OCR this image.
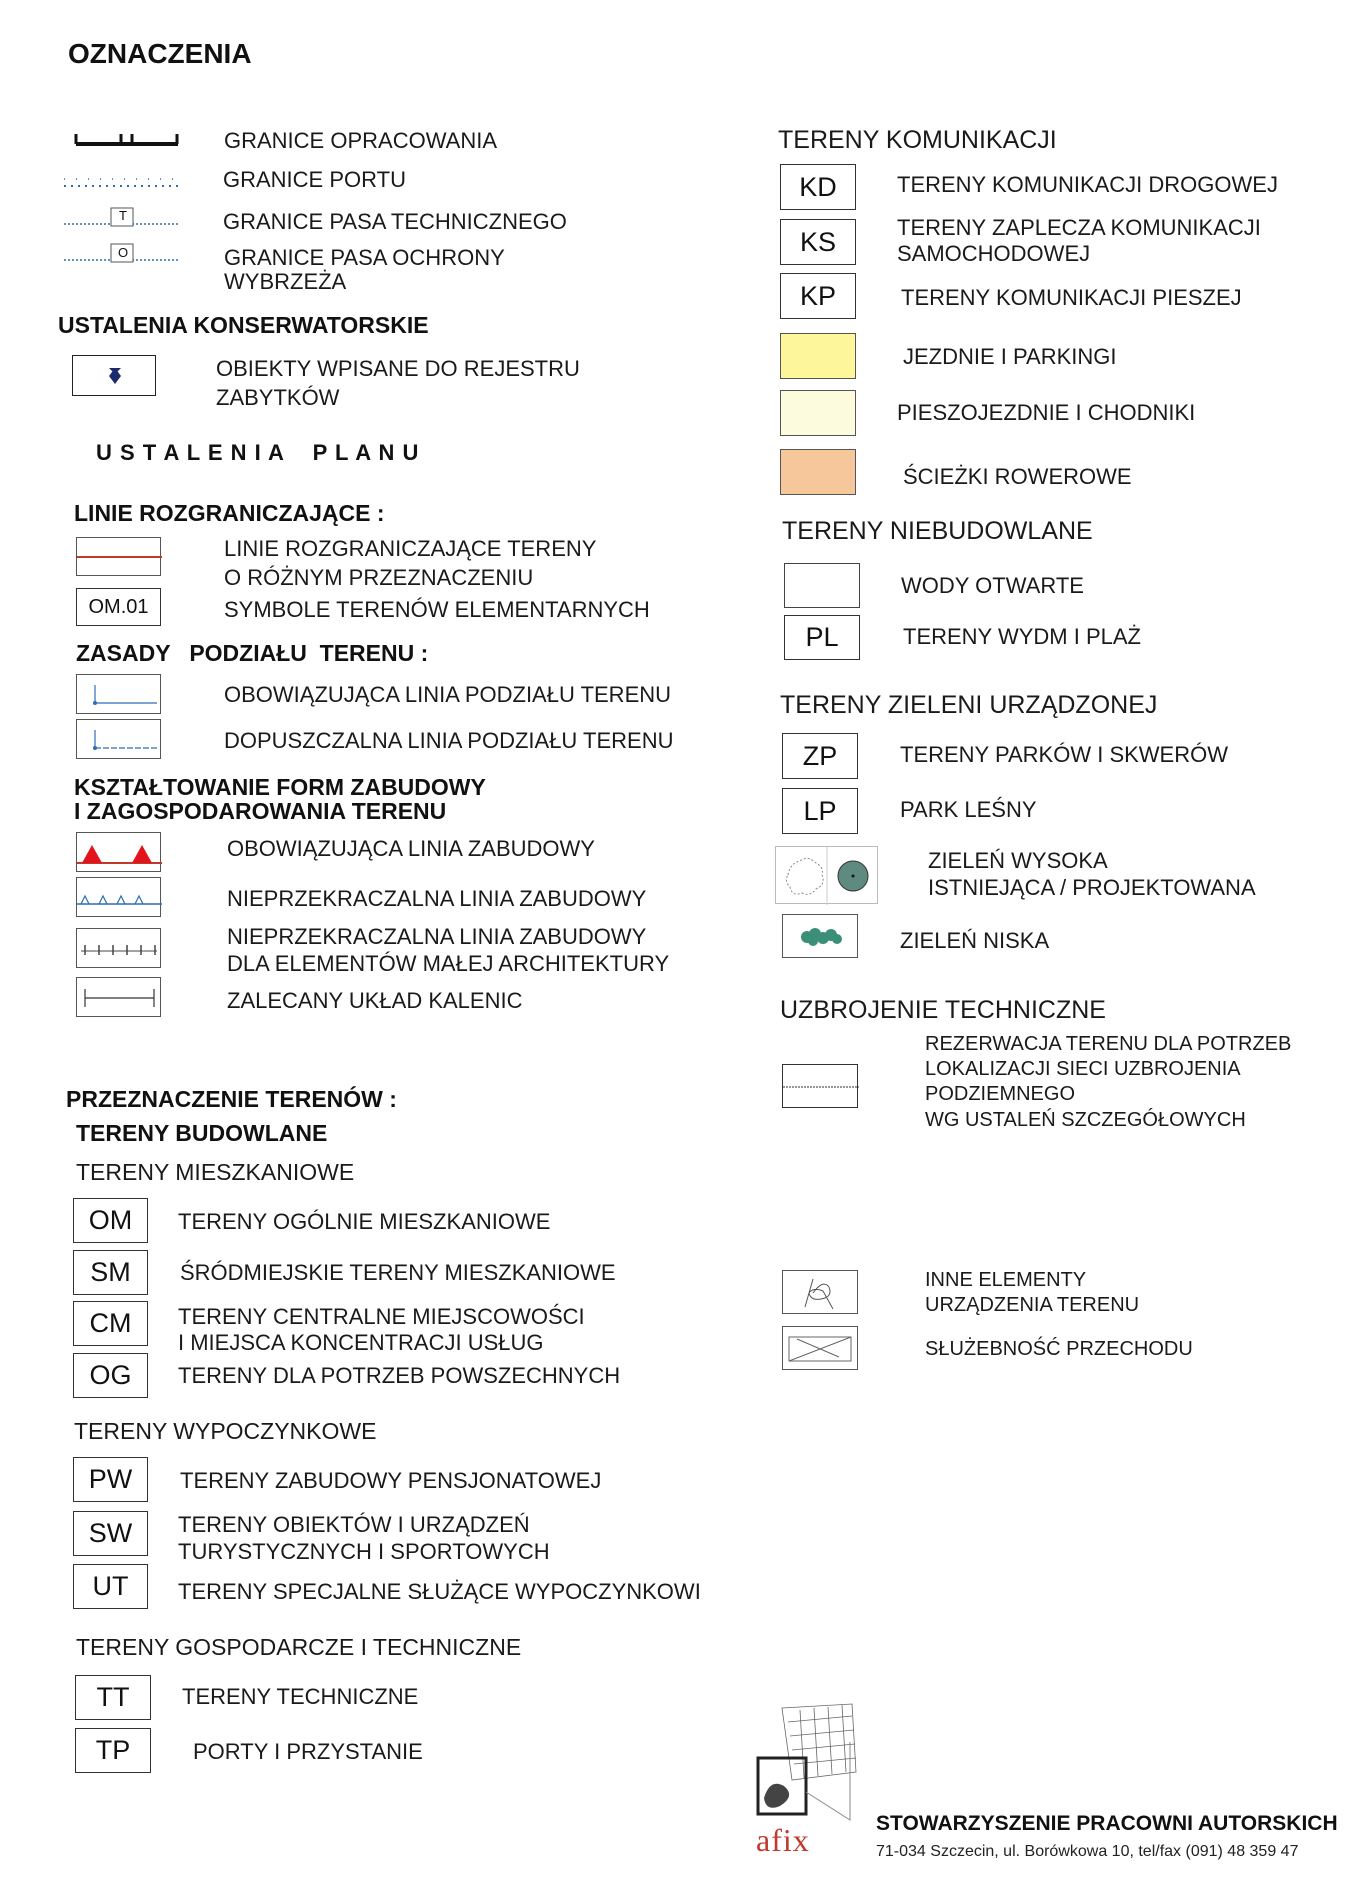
OZNACZENIA
GRANICE OPRACOWANIA
GRANICE PORTU
T	GRANICE PASA TECHNICZNEGO
O	GRANICE PASA OCHRONY
WYBRZEŻA
USTALENIA KONSERWATORSKIE
OBIEKTY WPISANE DO REJESTRU
ZABYTKÓW
U S T A L E N I A    P L A N U
LINIE ROZGRANICZAJĄCE :
LINIE ROZGRANICZAJĄCE TERENY
O RÓŻNYM PRZEZNACZENIU
OM.01	SYMBOLE TERENÓW ELEMENTARNYCH
ZASADY   PODZIAŁU  TERENU :
OBOWIĄZUJĄCA LINIA PODZIAŁU TERENU
DOPUSZCZALNA LINIA PODZIAŁU TERENU
KSZTAŁTOWANIE FORM ZABUDOWY
I ZAGOSPODAROWANIA TERENU
OBOWIĄZUJĄCA LINIA ZABUDOWY
NIEPRZEKRACZALNA LINIA ZABUDOWY
NIEPRZEKRACZALNA LINIA ZABUDOWY
DLA ELEMENTÓW MAŁEJ ARCHITEKTURY
ZALECANY UKŁAD KALENIC
PRZEZNACZENIE TERENÓW :
TERENY BUDOWLANE
TERENY MIESZKANIOWE
OM	TERENY OGÓLNIE MIESZKANIOWE
SM	ŚRÓDMIEJSKIE TERENY MIESZKANIOWE
CM	TERENY CENTRALNE MIEJSCOWOŚCI
I MIEJSCA KONCENTRACJI USŁUG
OG	TERENY DLA POTRZEB POWSZECHNYCH
TERENY WYPOCZYNKOWE
PW	TERENY ZABUDOWY PENSJONATOWEJ
SW	TERENY OBIEKTÓW I URZĄDZEŃ
TURYSTYCZNYCH I SPORTOWYCH
UT	TERENY SPECJALNE SŁUŻĄCE WYPOCZYNKOWI
TERENY GOSPODARCZE I TECHNICZNE
TT	TERENY TECHNICZNE
TP	PORTY I PRZYSTANIE
TERENY KOMUNIKACJI
KD	TERENY KOMUNIKACJI DROGOWEJ
KS	TERENY ZAPLECZA KOMUNIKACJI
SAMOCHODOWEJ
KP	TERENY KOMUNIKACJI PIESZEJ
JEZDNIE I PARKINGI
PIESZOJEZDNIE I CHODNIKI
ŚCIEŻKI ROWEROWE
TERENY NIEBUDOWLANE
WODY OTWARTE
PL	TERENY WYDM I PLAŻ
TERENY ZIELENI URZĄDZONEJ
ZP	TERENY PARKÓW I SKWERÓW
LP	PARK LEŚNY
ZIELEŃ WYSOKA
ISTNIEJĄCA / PROJEKTOWANA
ZIELEŃ NISKA
UZBROJENIE TECHNICZNE
REZERWACJA TERENU DLA POTRZEB
LOKALIZACJI SIECI UZBROJENIA
PODZIEMNEGO
WG USTALEŃ SZCZEGÓŁOWYCH
INNE ELEMENTY
URZĄDZENIA TERENU
SŁUŻEBNOŚĆ PRZECHODU
afix	STOWARZYSZENIE PRACOWNI AUTORSKICH
71-034 Szczecin, ul. Borówkowa 10, tel/fax (091) 48 359 47
